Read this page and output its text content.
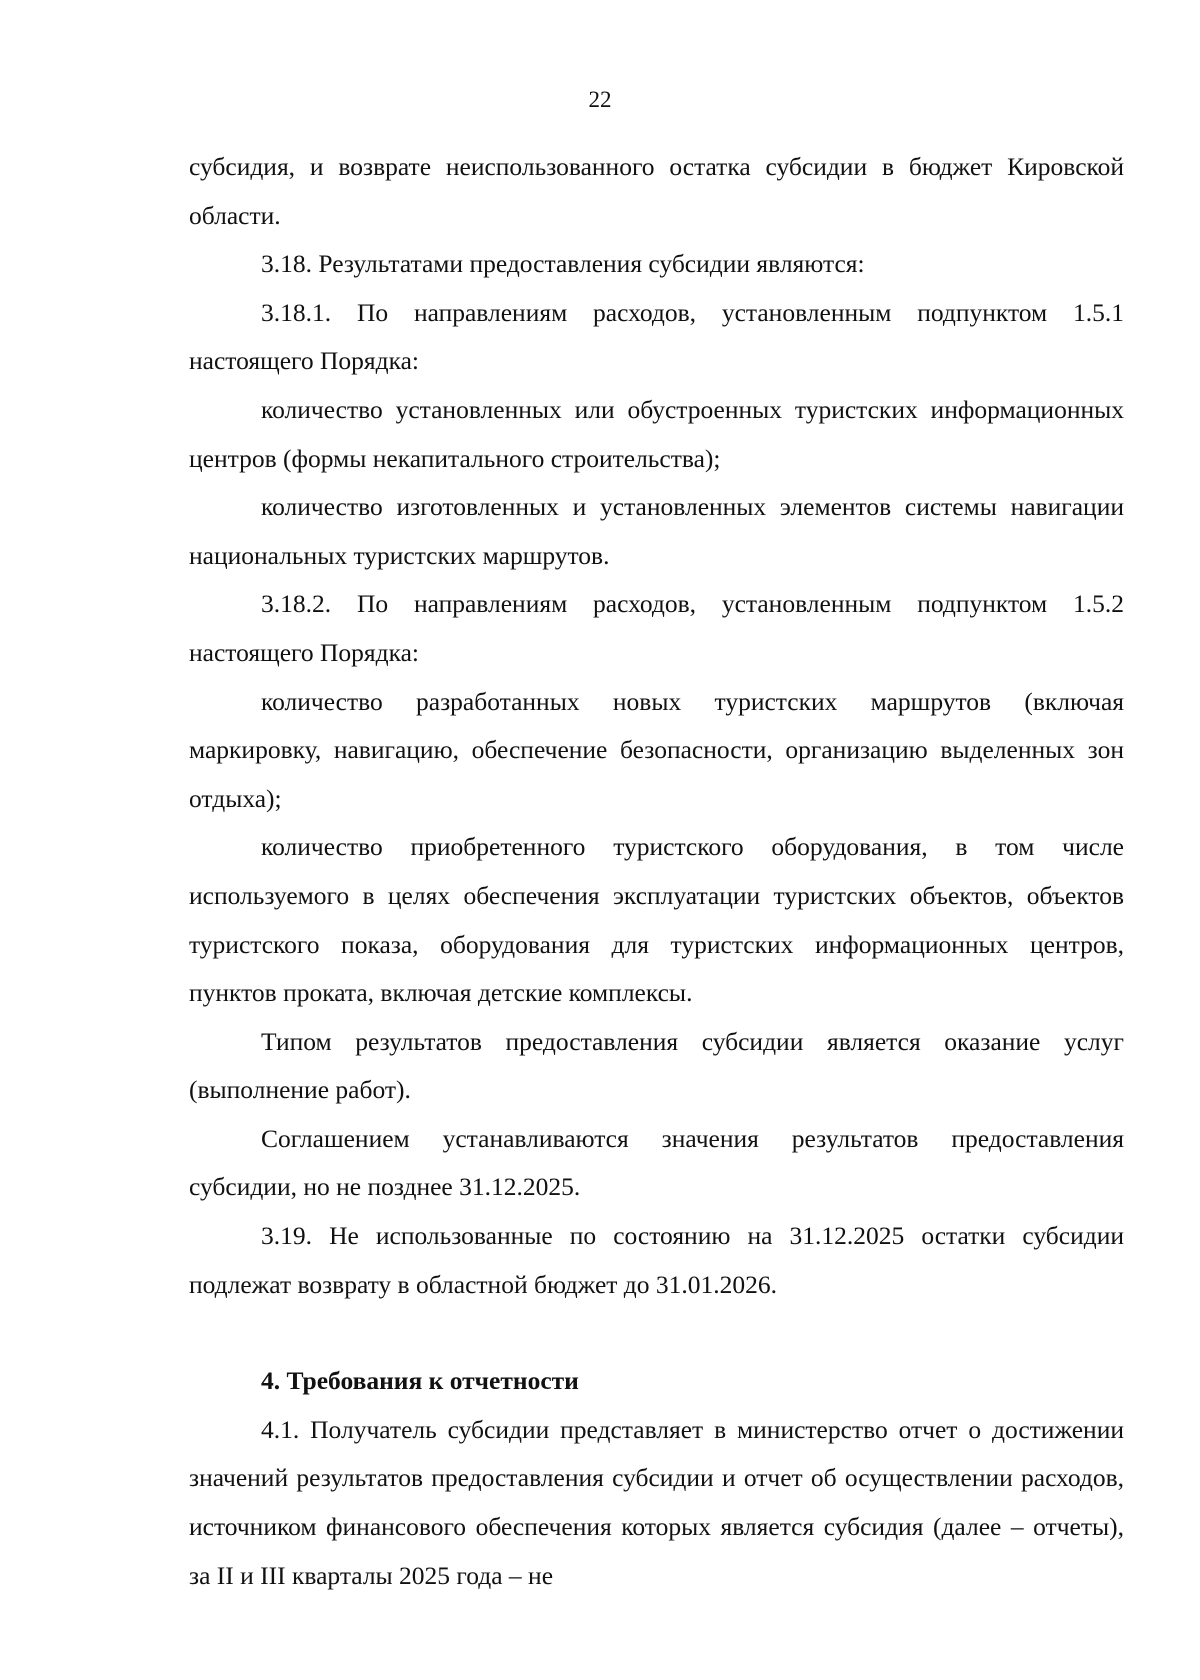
22

субсидия, и возврате неиспользованного остатка субсидии в бюджет Кировской области.

3.18. Результатами предоставления субсидии являются:

3.18.1. По направлениям расходов, установленным подпунктом 1.5.1 настоящего Порядка:

количество установленных или обустроенных туристских информационных центров (формы некапитального строительства);

количество изготовленных и установленных элементов системы навигации национальных туристских маршрутов.

3.18.2. По направлениям расходов, установленным подпунктом 1.5.2 настоящего Порядка:

количество разработанных новых туристских маршрутов (включая маркировку, навигацию, обеспечение безопасности, организацию выделенных зон отдыха);

количество приобретенного туристского оборудования, в том числе используемого в целях обеспечения эксплуатации туристских объектов, объектов туристского показа, оборудования для туристских информационных центров, пунктов проката, включая детские комплексы.

Типом результатов предоставления субсидии является оказание услуг (выполнение работ).

Соглашением устанавливаются значения результатов предоставления субсидии, но не позднее 31.12.2025.

3.19. Не использованные по состоянию на 31.12.2025 остатки субсидии подлежат возврату в областной бюджет до 31.01.2026.

4. Требования к отчетности

4.1. Получатель субсидии представляет в министерство отчет о достижении значений результатов предоставления субсидии и отчет об осуществлении расходов, источником финансового обеспечения которых является субсидия (далее – отчеты), за II и III кварталы 2025 года – не
